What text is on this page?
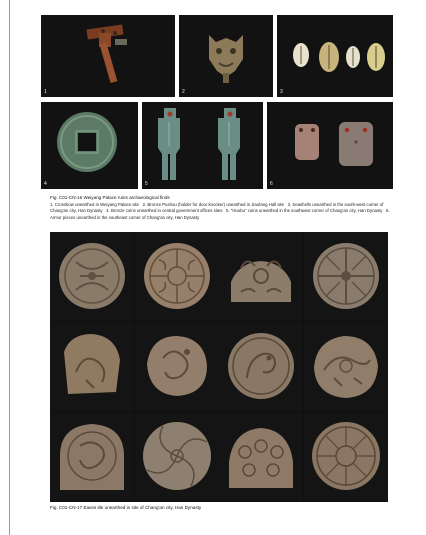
1	2	3
4	5	6
Fig. C01-CN-16 Weiyang Palace ruins archaeological finds
1. Crossbow unearthed in Weiyang Palace site 2. Bronze Pushou (holder for door knocker) unearthed in Jiaofang Hall site 3. Seashells unearthed in the south-west corner of Chang'an city, Han Dynasty 4. Bronze coins unearthed in central government offices sites 5. "Huobu" coins unearthed in the southwest corner of Chang'an city, Han Dynasty 6. Armor pieces unearthed in the southeast corner of Chang'an city, Han Dynasty
Fig. C01-CN-17 Eaves tile unearthed in site of Chang'an city, Han Dynasty
